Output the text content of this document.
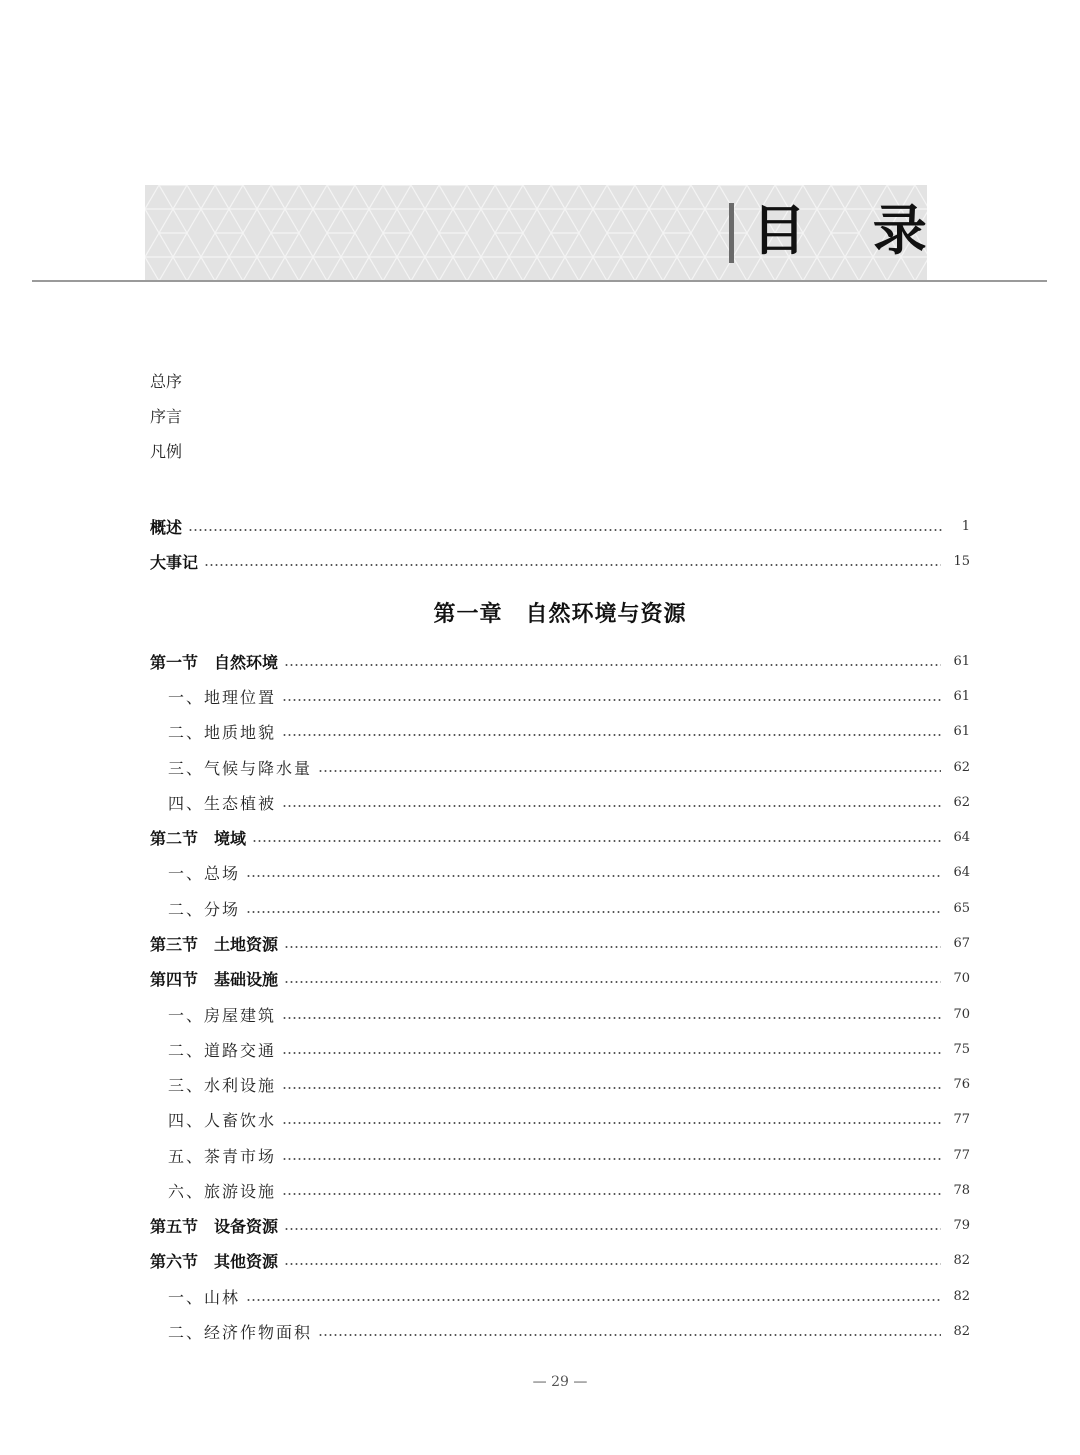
目 录
总序
序言
凡例
概述	1
大事记	15
第一章　自然环境与资源
第一节　自然环境	61
一、地理位置	61
二、地质地貌	61
三、气候与降水量	62
四、生态植被	62
第二节　境域	64
一、总场	64
二、分场	65
第三节　土地资源	67
第四节　基础设施	70
一、房屋建筑	70
二、道路交通	75
三、水利设施	76
四、人畜饮水	77
五、茶青市场	77
六、旅游设施	78
第五节　设备资源	79
第六节　其他资源	82
一、山林	82
二、经济作物面积	82
— 29 —
